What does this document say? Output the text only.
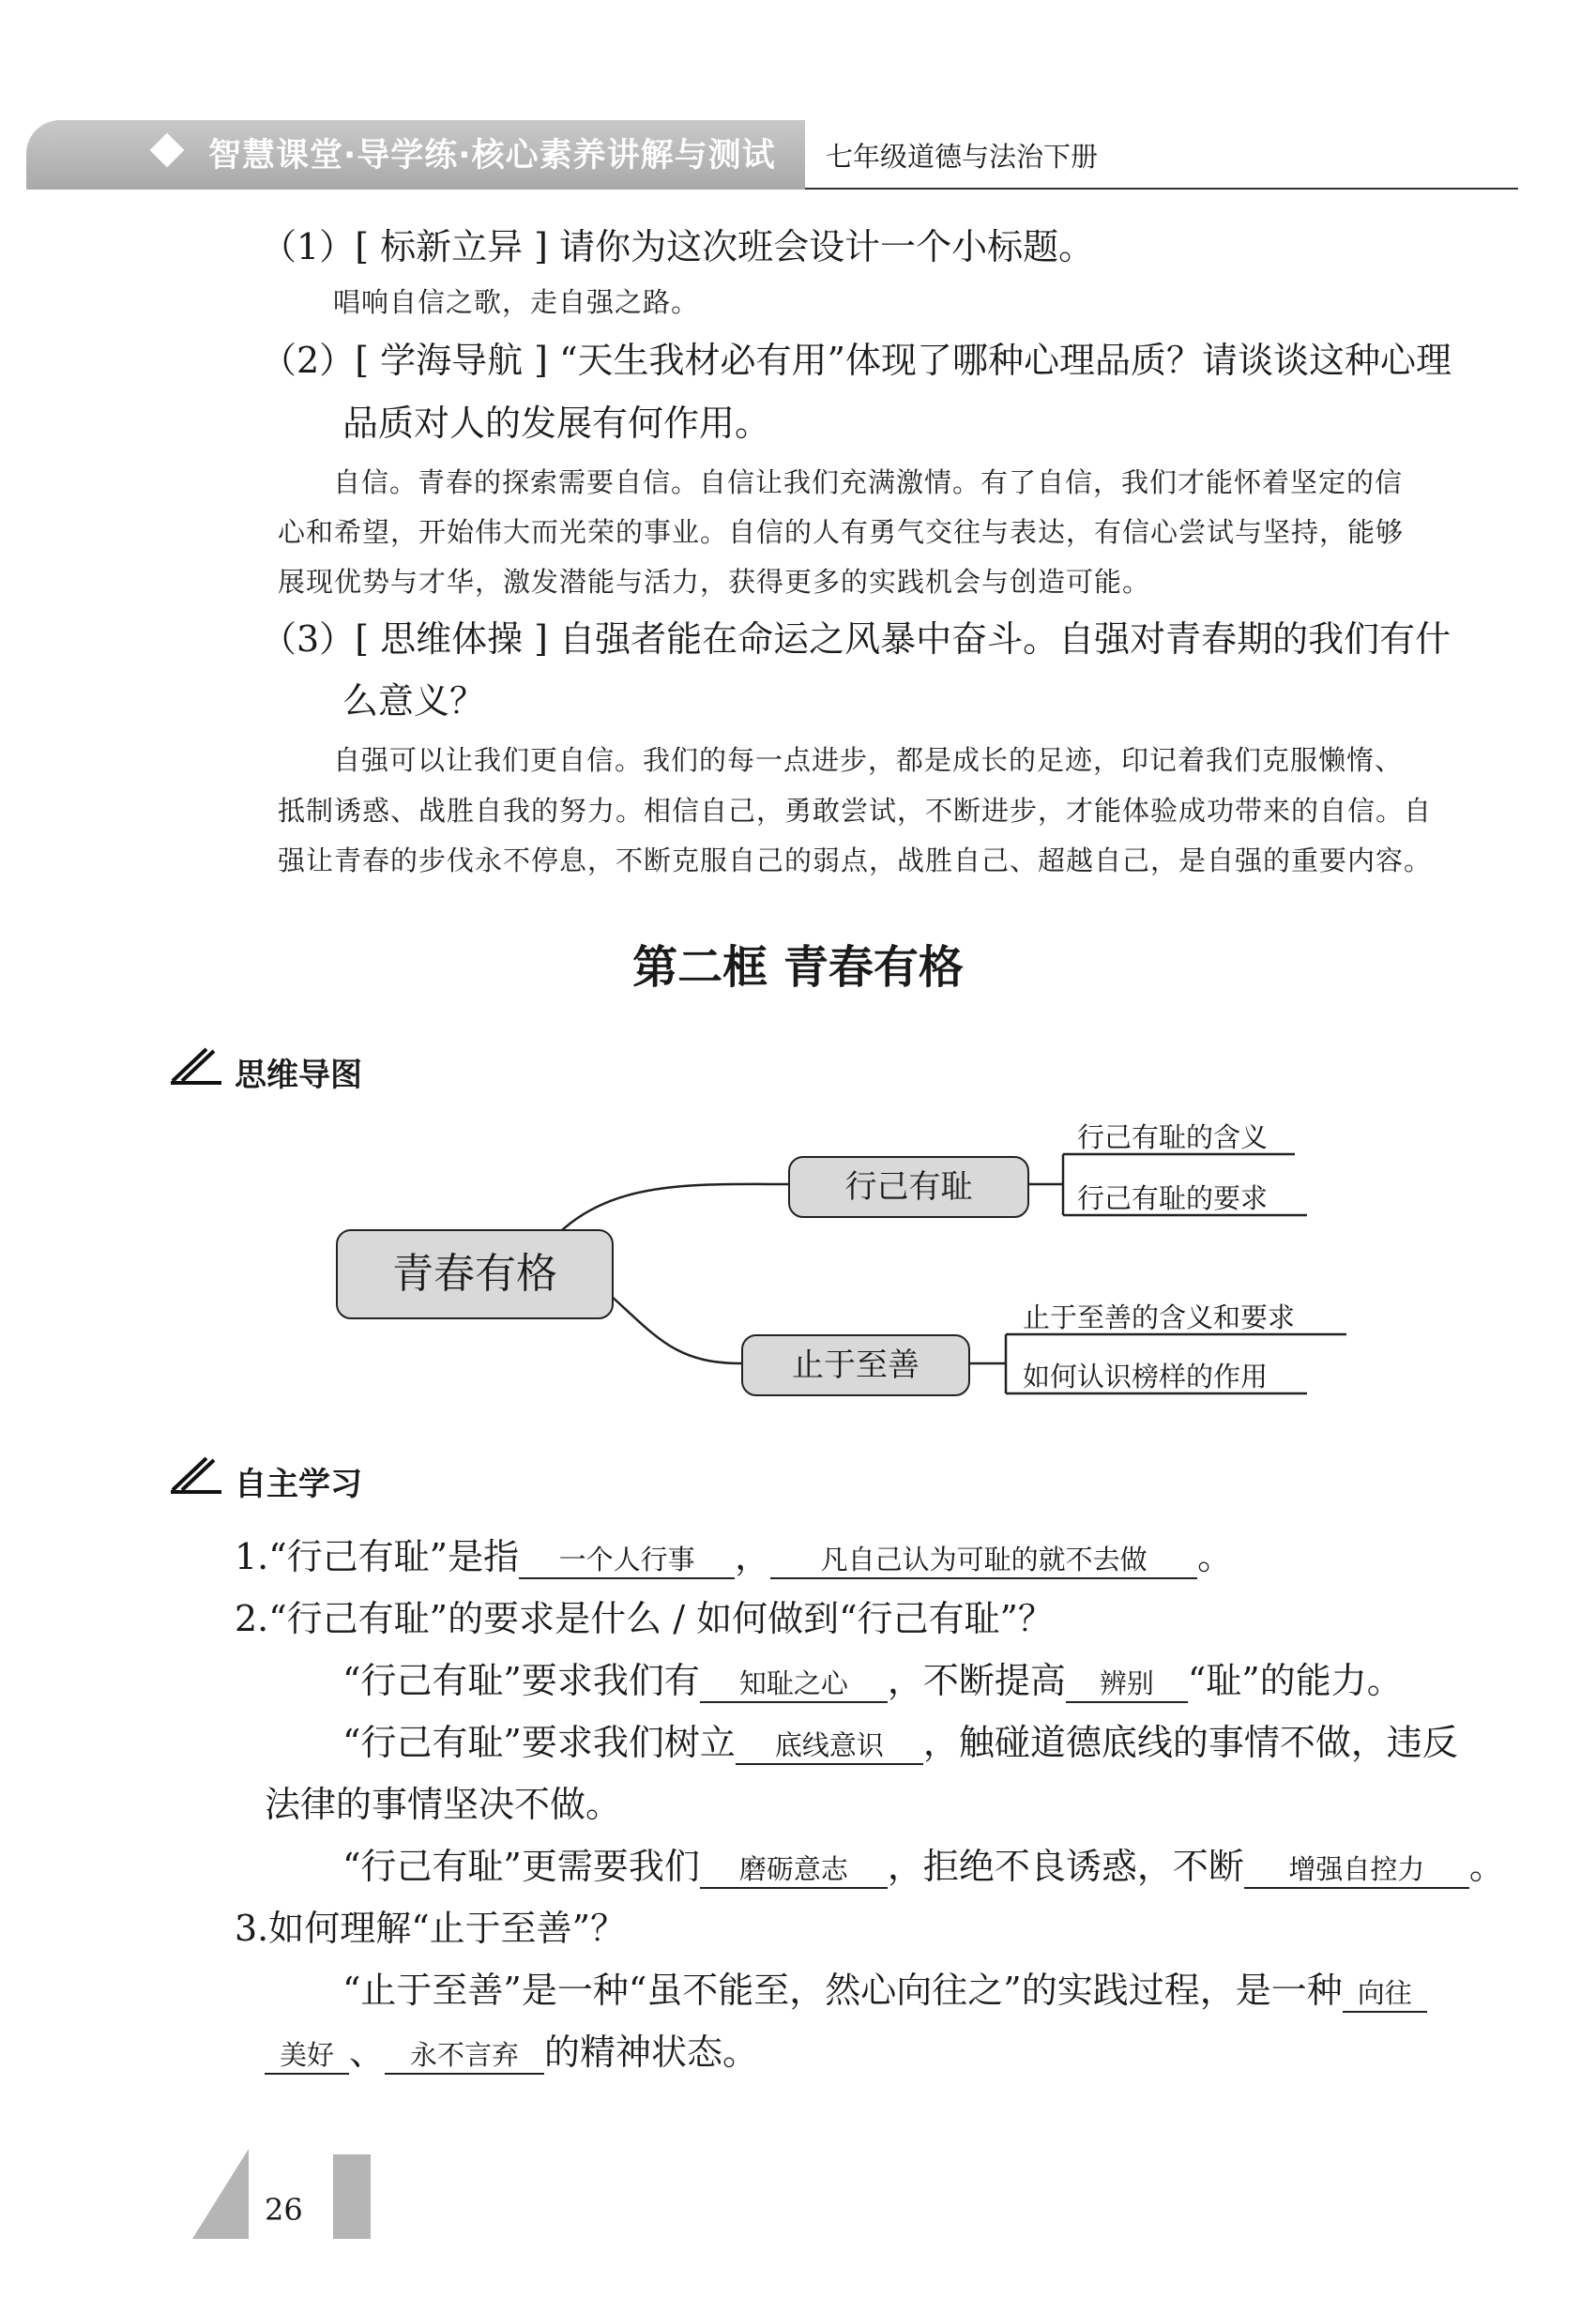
智慧课堂·导学练·核心素养讲解与测试 七年级道德与法治下册
（1）[ 标新立异 ] 请你为这次班会设计一个小标题。
唱响自信之歌，走自强之路。
（2）[ 学海导航 ] “天生我材必有用”体现了哪种心理品质？请谈谈这种心理
品质对人的发展有何作用。
自信。青春的探索需要自信。自信让我们充满激情。有了自信，我们才能怀着坚定的信
心和希望，开始伟大而光荣的事业。自信的人有勇气交往与表达，有信心尝试与坚持，能够
展现优势与才华，激发潜能与活力，获得更多的实践机会与创造可能。
（3）[ 思维体操 ] 自强者能在命运之风暴中奋斗。自强对青春期的我们有什
么意义？
自强可以让我们更自信。我们的每一点进步，都是成长的足迹，印记着我们克服懒惰、
抵制诱惑、战胜自我的努力。相信自己，勇敢尝试，不断进步，才能体验成功带来的自信。自
强让青春的步伐永不停息，不断克服自己的弱点，战胜自己、超越自己，是自强的重要内容。
第二框 青春有格
思维导图
青春有格
行己有耻
止于至善
行己有耻的含义
行己有耻的要求
止于至善的含义和要求
如何认识榜样的作用
自主学习
1.“行己有耻”是指 一个人行事 ， 凡自己认为可耻的就不去做 。
2.“行己有耻”的要求是什么 / 如何做到“行己有耻”？
“行己有耻”要求我们有 知耻之心 ，不断提高 辨别 “耻”的能力。
“行己有耻”要求我们树立 底线意识 ，触碰道德底线的事情不做，违反
法律的事情坚决不做。
“行己有耻”更需要我们 磨砺意志 ，拒绝不良诱惑，不断 增强自控力 。
3.如何理解“止于至善”？
“止于至善”是一种“虽不能至，然心向往之”的实践过程，是一种 向往
美好 、 永不言弃 的精神状态。
26
